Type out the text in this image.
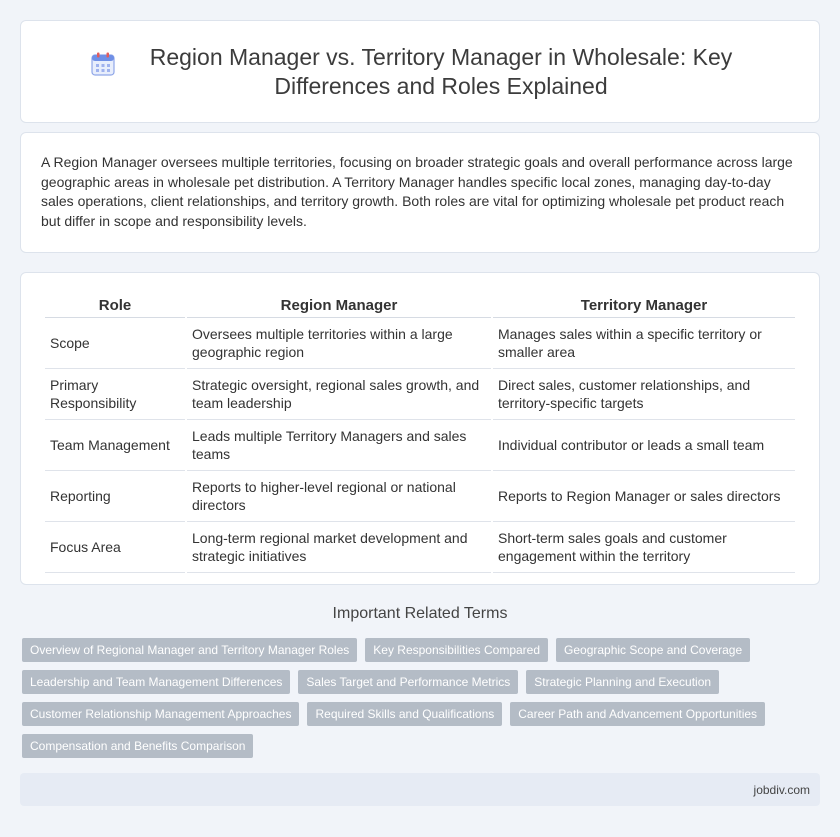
Region Manager vs. Territory Manager in Wholesale: Key Differences and Roles Explained

A Region Manager oversees multiple territories, focusing on broader strategic goals and overall performance across large geographic areas in wholesale pet distribution. A Territory Manager handles specific local zones, managing day-to-day sales operations, client relationships, and territory growth. Both roles are vital for optimizing wholesale pet product reach but differ in scope and responsibility levels.

Role	Region Manager	Territory Manager
Scope	Oversees multiple territories within a large geographic region	Manages sales within a specific territory or smaller area
Primary Responsibility	Strategic oversight, regional sales growth, and team leadership	Direct sales, customer relationships, and territory-specific targets
Team Management	Leads multiple Territory Managers and sales teams	Individual contributor or leads a small team
Reporting	Reports to higher-level regional or national directors	Reports to Region Manager or sales directors
Focus Area	Long-term regional market development and strategic initiatives	Short-term sales goals and customer engagement within the territory
Important Related Terms
Overview of Regional Manager and Territory Manager Roles	Key Responsibilities Compared	Geographic Scope and Coverage
Leadership and Team Management Differences	Sales Target and Performance Metrics	Strategic Planning and Execution
Customer Relationship Management Approaches	Required Skills and Qualifications	Career Path and Advancement Opportunities
Compensation and Benefits Comparison
jobdiv.com
